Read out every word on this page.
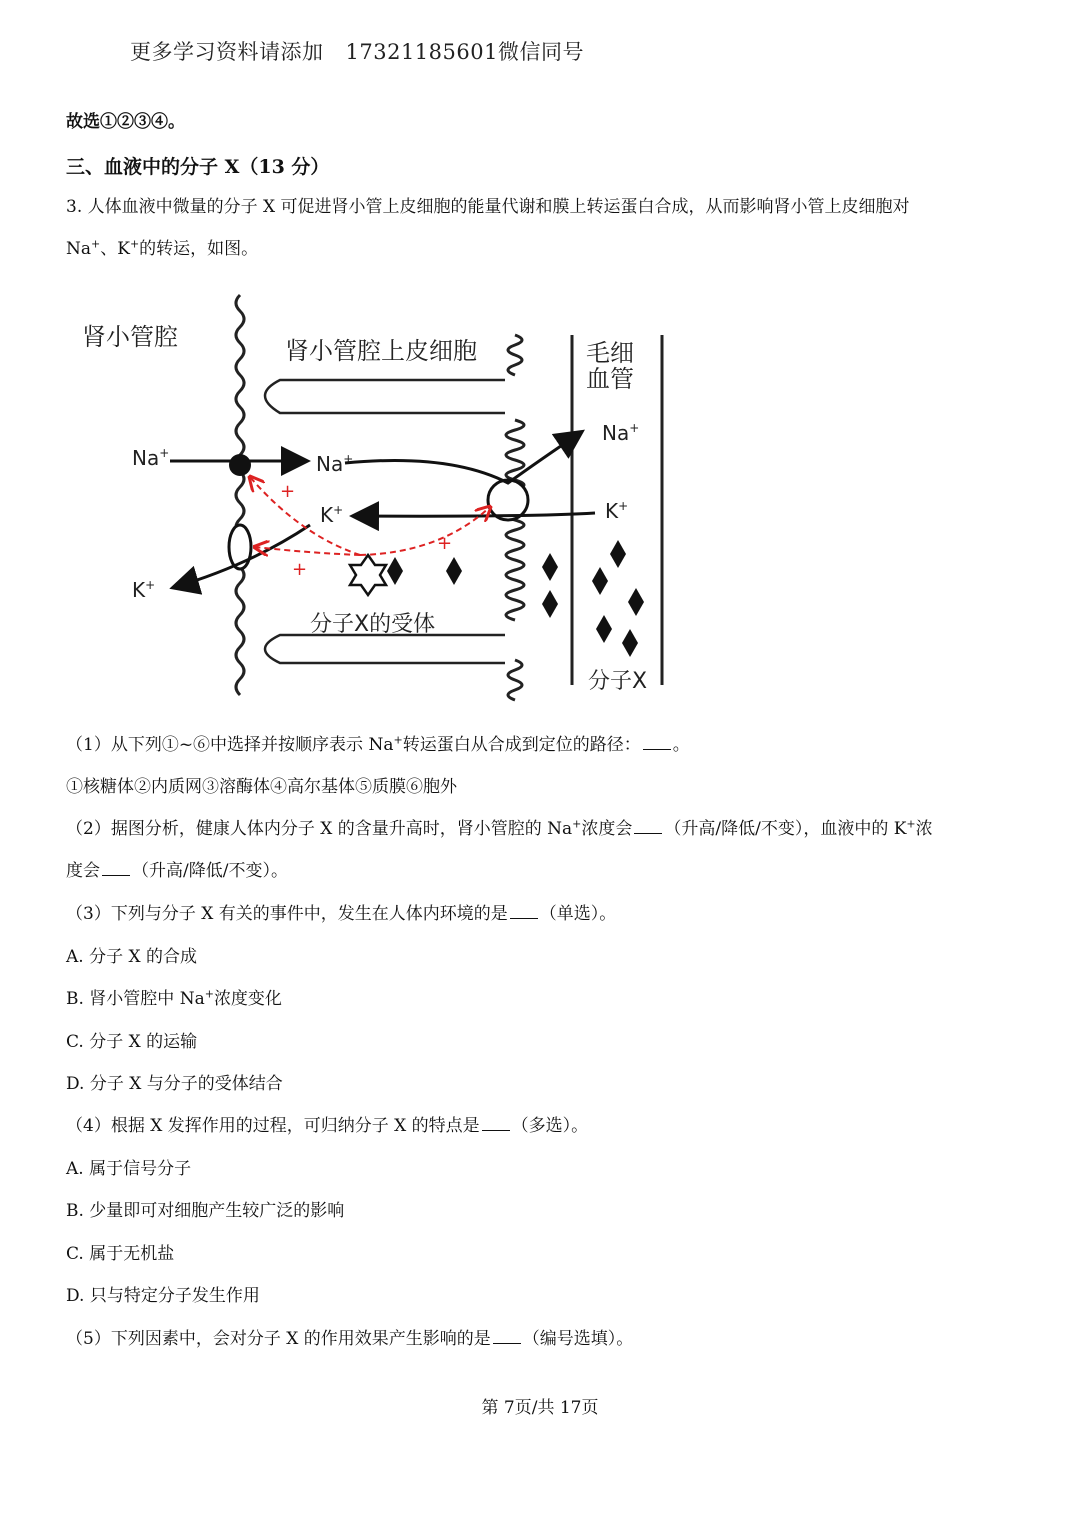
更多学习资料请添加 17321185601微信同号
故选①②③④。
三、血液中的分子 X（13 分）
3. 人体血液中微量的分子 X 可促进肾小管上皮细胞的能量代谢和膜上转运蛋白合成，从而影响肾小管上皮细胞对
Na+、K+的转运，如图。
肾小管腔	肾小管腔上皮细胞	毛细
血管
Na+	Na+
Na+
K+
K+
K+
+
+
+
分子X的受体
分子X
（1）从下列①~⑥中选择并按顺序表示 Na+转运蛋白从合成到定位的路径： 。
①核糖体②内质网③溶酶体④高尔基体⑤质膜⑥胞外
（2）据图分析，健康人体内分子 X 的含量升高时，肾小管腔的 Na+浓度会 （升高/降低/不变），血液中的 K+浓
度会 （升高/降低/不变）。
（3）下列与分子 X 有关的事件中，发生在人体内环境的是 （单选）。
A. 分子 X 的合成
B. 肾小管腔中 Na+浓度变化
C. 分子 X 的运输
D. 分子 X 与分子的受体结合
（4）根据 X 发挥作用的过程，可归纳分子 X 的特点是 （多选）。
A. 属于信号分子
B. 少量即可对细胞产生较广泛的影响
C. 属于无机盐
D. 只与特定分子发生作用
（5）下列因素中，会对分子 X 的作用效果产生影响的是 （编号选填）。
第 7页/共 17页
